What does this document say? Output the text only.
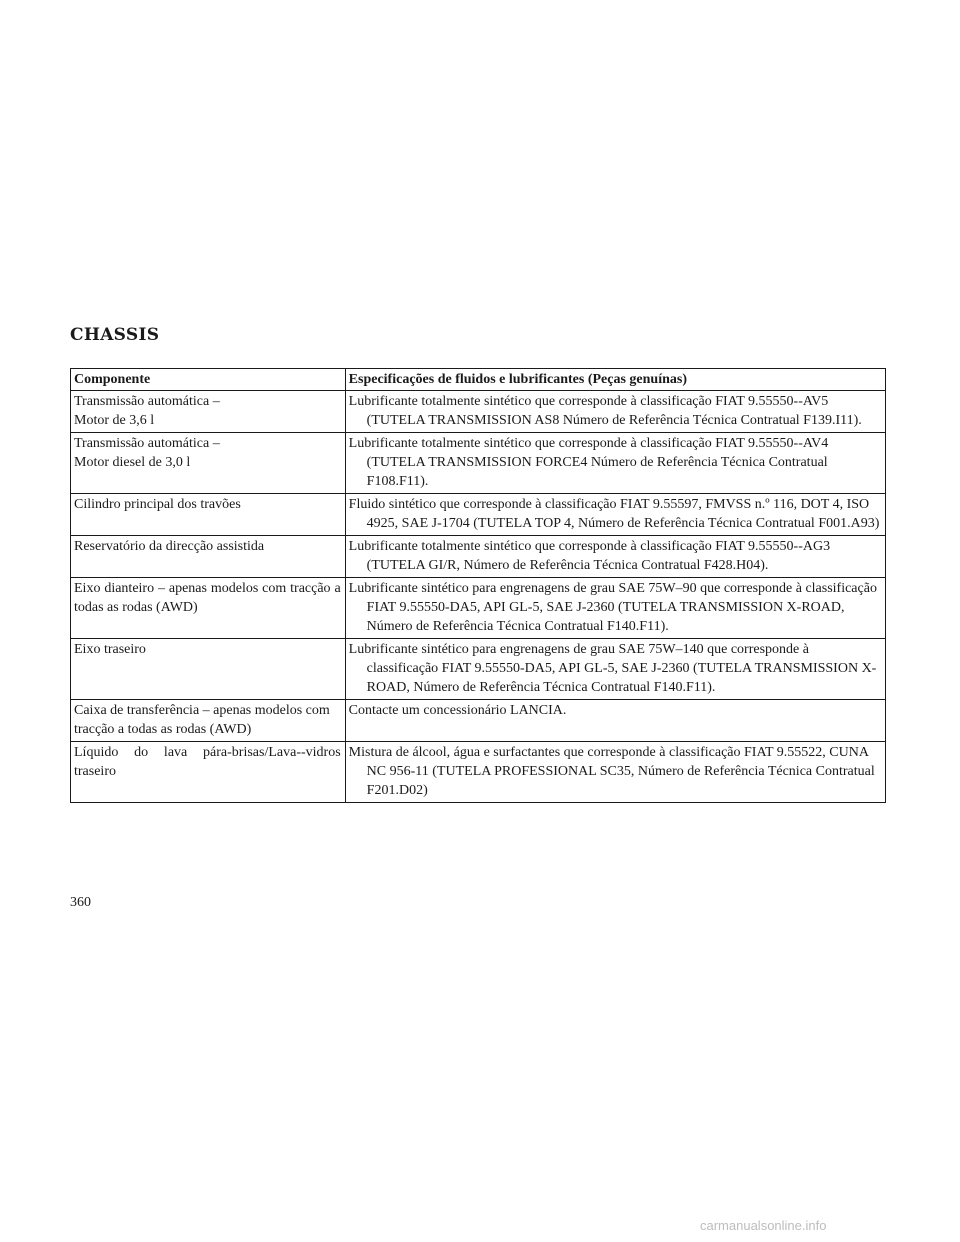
CHASSIS
Componente	Especificações de fluidos e lubrificantes (Peças genuínas)
Transmissão automática –
Motor de 3,6 l	Lubrificante totalmente sintético que corresponde à classificação FIAT 9.55550--AV5 (TUTELA TRANSMISSION AS8 Número de Referência Técnica Contratual F139.I11).

Transmissão automática –
Motor diesel de 3,0 l	Lubrificante totalmente sintético que corresponde à classificação FIAT 9.55550--AV4 (TUTELA TRANSMISSION FORCE4 Número de Referência Técnica Contratual F108.F11).

Cilindro principal dos travões	Fluido sintético que corresponde à classificação FIAT 9.55597, FMVSS n.º 116, DOT 4, ISO 4925, SAE J-1704 (TUTELA TOP 4, Número de Referência Técnica Contratual F001.A93)

Reservatório da direcção assistida	Lubrificante totalmente sintético que corresponde à classificação FIAT 9.55550--AG3 (TUTELA GI/R, Número de Referência Técnica Contratual F428.H04).

Eixo dianteiro – apenas modelos com tracção a todas as rodas (AWD)	Lubrificante sintético para engrenagens de grau SAE 75W–90 que corresponde à classificação FIAT 9.55550-DA5, API GL-5, SAE J-2360 (TUTELA TRANSMISSION X-ROAD, Número de Referência Técnica Contratual F140.F11).

Eixo traseiro	Lubrificante sintético para engrenagens de grau SAE 75W–140 que corresponde à classificação FIAT 9.55550-DA5, API GL-5, SAE J-2360 (TUTELA TRANSMISSION X-ROAD, Número de Referência Técnica Contratual F140.F11).

Caixa de transferência – apenas modelos com tracção a todas as rodas (AWD)	Contacte um concessionário LANCIA.

Líquido do lava pára-brisas/Lava--vidros traseiro	Mistura de álcool, água e surfactantes que corresponde à classificação FIAT 9.55522, CUNA NC 956-11 (TUTELA PROFESSIONAL SC35, Número de Referência Técnica Contratual F201.D02)
360
carmanualsonline.info
